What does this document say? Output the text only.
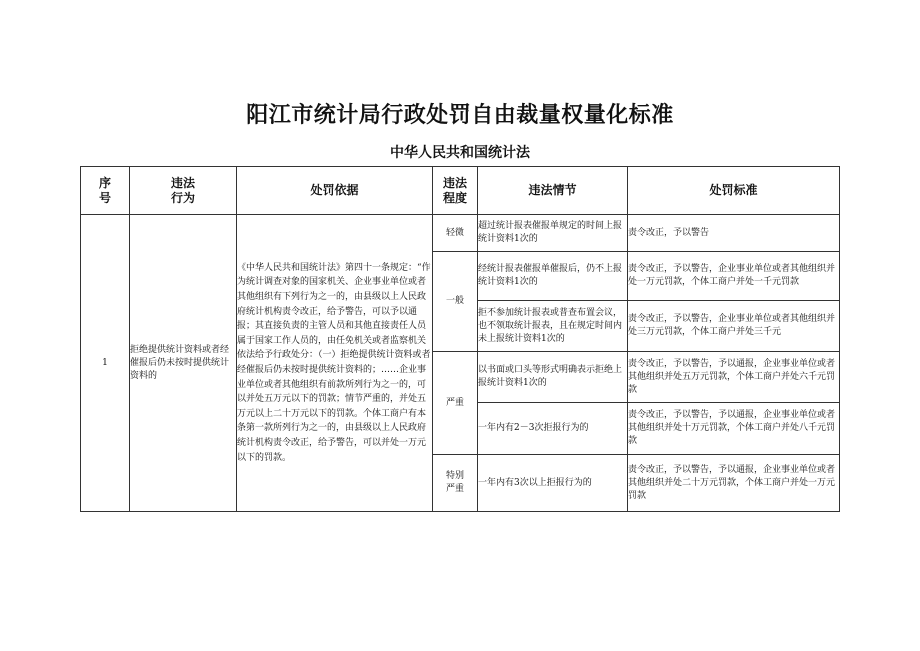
阳江市统计局行政处罚自由裁量权量化标准
中华人民共和国统计法
序号	违法行为	处罚依据	违法程度	违法情节	处罚标准
1	拒绝提供统计资料或者经催报后仍未按时提供统计资料的	《中华人民共和国统计法》第四十一条规定：“作为统计调查对象的国家机关、企业事业单位或者其他组织有下列行为之一的，由县级以上人民政府统计机构责令改正，给予警告，可以予以通报；其直接负责的主管人员和其他直接责任人员属于国家工作人员的，由任免机关或者监察机关依法给予行政处分：（一）拒绝提供统计资料或者经催报后仍未按时提供统计资料的；……企业事业单位或者其他组织有前款所列行为之一的，可以并处五万元以下的罚款；情节严重的，并处五万元以上二十万元以下的罚款。个体工商户有本条第一款所列行为之一的，由县级以上人民政府统计机构责令改正，给予警告，可以并处一万元以下的罚款。	轻微	超过统计报表催报单规定的时间上报统计资料1次的	责令改正，予以警告
			一般	经统计报表催报单催报后，仍不上报统计资料1次的	责令改正，予以警告，企业事业单位或者其他组织并处一万元罚款，个体工商户并处一千元罚款
				拒不参加统计报表或普查布置会议，也不领取统计报表，且在规定时间内未上报统计资料1次的	责令改正，予以警告，企业事业单位或者其他组织并处三万元罚款，个体工商户并处三千元
			严重	以书面或口头等形式明确表示拒绝上报统计资料1次的	责令改正，予以警告，予以通报，企业事业单位或者其他组织并处五万元罚款，个体工商户并处六千元罚款
				一年内有2－3次拒报行为的	责令改正，予以警告，予以通报，企业事业单位或者其他组织并处十万元罚款，个体工商户并处八千元罚款

			特别严重	一年内有3次以上拒报行为的	责令改正，予以警告，予以通报，企业事业单位或者其他组织并处二十万元罚款，个体工商户并处一万元罚款
